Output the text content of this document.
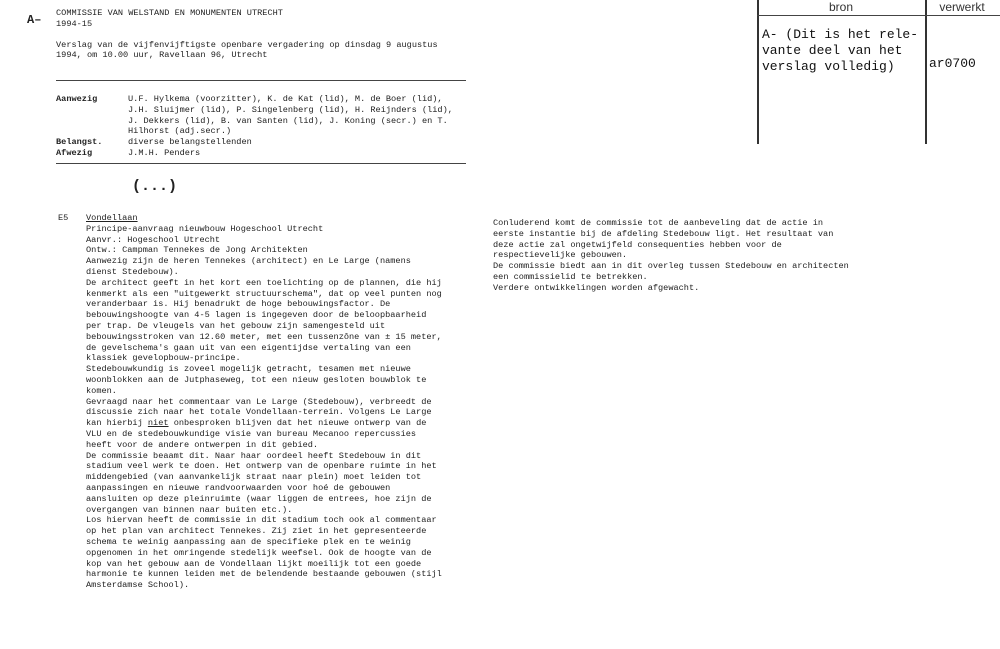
bron	verwerkt
A- (Dit is het rele-
vante deel van het
verslag volledig)	ar0700
A– COMMISSIE VAN WELSTAND EN MONUMENTEN UTRECHT
1994-15
Verslag van de vijfenvijftigste openbare vergadering op dinsdag 9 augustus
1994, om 10.00 uur, Ravellaan 96, Utrecht
Aanwezig	U.F. Hylkema (voorzitter), K. de Kat (lid), M. de Boer (lid),
J.H. Sluijmer (lid), P. Singelenberg (lid), H. Reijnders (lid),
J. Dekkers (lid), B. van Santen (lid), J. Koning (secr.) en T.
Hilhorst (adj.secr.)
Belangst.	diverse belangstellenden
Afwezig	J.M.H. Penders
(...)
E5 Vondellaan
Principe-aanvraag nieuwbouw Hogeschool Utrecht
Aanvr.: Hogeschool Utrecht
Ontw.: Campman Tennekes de Jong Architekten
Aanwezig zijn de heren Tennekes (architect) en Le Large (namens
dienst Stedebouw).
De architect geeft in het kort een toelichting op de plannen, die hij
kenmerkt als een "uitgewerkt structuurschema", dat op veel punten nog
veranderbaar is. Hij benadrukt de hoge bebouwingsfactor. De
bebouwingshoogte van 4-5 lagen is ingegeven door de beloopbaarheid
per trap. De vleugels van het gebouw zijn samengesteld uit
bebouwingsstroken van 12.60 meter, met een tussenzône van ± 15 meter,
de gevelschema's gaan uit van een eigentijdse vertaling van een
klassiek gevelopbouw-principe.
Stedebouwkundig is zoveel mogelijk getracht, tesamen met nieuwe
woonblokken aan de Jutphaseweg, tot een nieuw gesloten bouwblok te
komen.
Gevraagd naar het commentaar van Le Large (Stedebouw), verbreedt de
discussie zich naar het totale Vondellaan-terrein. Volgens Le Large
kan hierbij niet onbesproken blijven dat het nieuwe ontwerp van de
VLU en de stedebouwkundige visie van bureau Mecanoo repercussies
heeft voor de andere ontwerpen in dit gebied.
De commissie beaamt dit. Naar haar oordeel heeft Stedebouw in dit
stadium veel werk te doen. Het ontwerp van de openbare ruimte in het
middengebied (van aanvankelijk straat naar plein) moet leiden tot
aanpassingen en nieuwe randvoorwaarden voor hoé de gebouwen
aansluiten op deze pleinruimte (waar liggen de entrees, hoe zijn de
overgangen van binnen naar buiten etc.).
Los hiervan heeft de commissie in dit stadium toch ook al commentaar
op het plan van architect Tennekes. Zij ziet in het gepresenteerde
schema te weinig aanpassing aan de specifieke plek en te weinig
opgenomen in het omringende stedelijk weefsel. Ook de hoogte van de
kop van het gebouw aan de Vondellaan lijkt moeilijk tot een goede
harmonie te kunnen leiden met de belendende bestaande gebouwen (stijl
Amsterdamse School).
Conluderend komt de commissie tot de aanbeveling dat de actie in
eerste instantie bij de afdeling Stedebouw ligt. Het resultaat van
deze actie zal ongetwijfeld consequenties hebben voor de
respectievelijke gebouwen.
De commissie biedt aan in dit overleg tussen Stedebouw en architecten
een commissielid te betrekken.
Verdere ontwikkelingen worden afgewacht.
